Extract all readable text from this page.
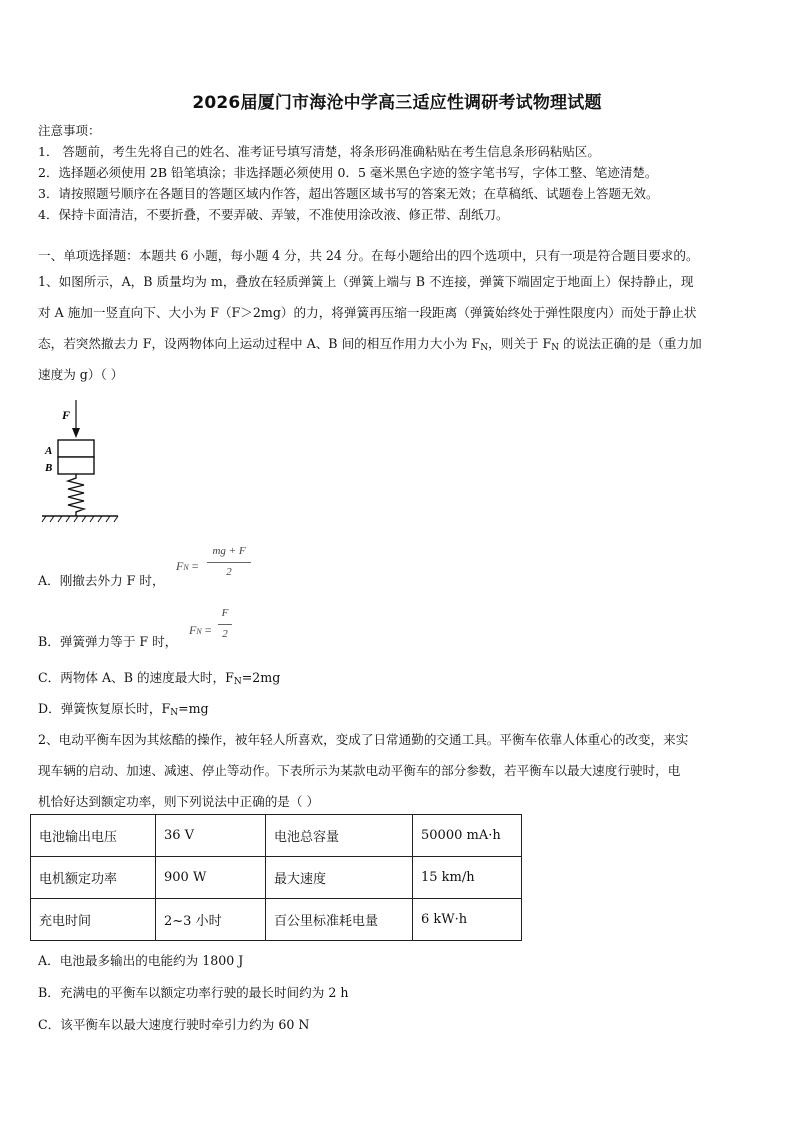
2026届厦门市海沧中学高三适应性调研考试物理试题
注意事项：
1． 答题前，考生先将自己的姓名、准考证号填写清楚，将条形码准确粘贴在考生信息条形码粘贴区。
2．选择题必须使用 2B 铅笔填涂；非选择题必须使用 0．5 毫米黑色字迹的签字笔书写，字体工整、笔迹清楚。
3．请按照题号顺序在各题目的答题区域内作答，超出答题区域书写的答案无效；在草稿纸、试题卷上答题无效。
4．保持卡面清洁，不要折叠，不要弄破、弄皱，不准使用涂改液、修正带、刮纸刀。
一、单项选择题：本题共 6 小题，每小题 4 分，共 24 分。在每小题给出的四个选项中，只有一项是符合题目要求的。
1、如图所示，A，B 质量均为 m，叠放在轻质弹簧上（弹簧上端与 B 不连接，弹簧下端固定于地面上）保持静止，现
对 A 施加一竖直向下、大小为 F（F＞2mg）的力，将弹簧再压缩一段距离（弹簧始终处于弹性限度内）而处于静止状
态，若突然撤去力 F，设两物体向上运动过程中 A、B 间的相互作用力大小为 $F_N$，则关于 $F_N$ 的说法正确的是（重力加
速度为 g）（ ）
F
A
B
A．刚撤去外力 F 时，
FN =
mg + F
2
B．弹簧弹力等于 F 时，
FN =
F
2
C．两物体 A、B 的速度最大时，$F_N=2mg$
D．弹簧恢复原长时，$F_N=mg$
2、电动平衡车因为其炫酷的操作，被年轻人所喜欢，变成了日常通勤的交通工具。平衡车依靠人体重心的改变，来实
现车辆的启动、加速、减速、停止等动作。下表所示为某款电动平衡车的部分参数，若平衡车以最大速度行驶时，电
机恰好达到额定功率，则下列说法中正确的是（ ）
电池输出电压	36 V	电池总容量	50000 mA·h
电机额定功率	900 W	最大速度	15 km/h
充电时间	2~3 小时	百公里标准耗电量	6 kW·h
A．电池最多输出的电能约为 1800 J
B．充满电的平衡车以额定功率行驶的最长时间约为 2 h
C．该平衡车以最大速度行驶时牵引力约为 60 N
